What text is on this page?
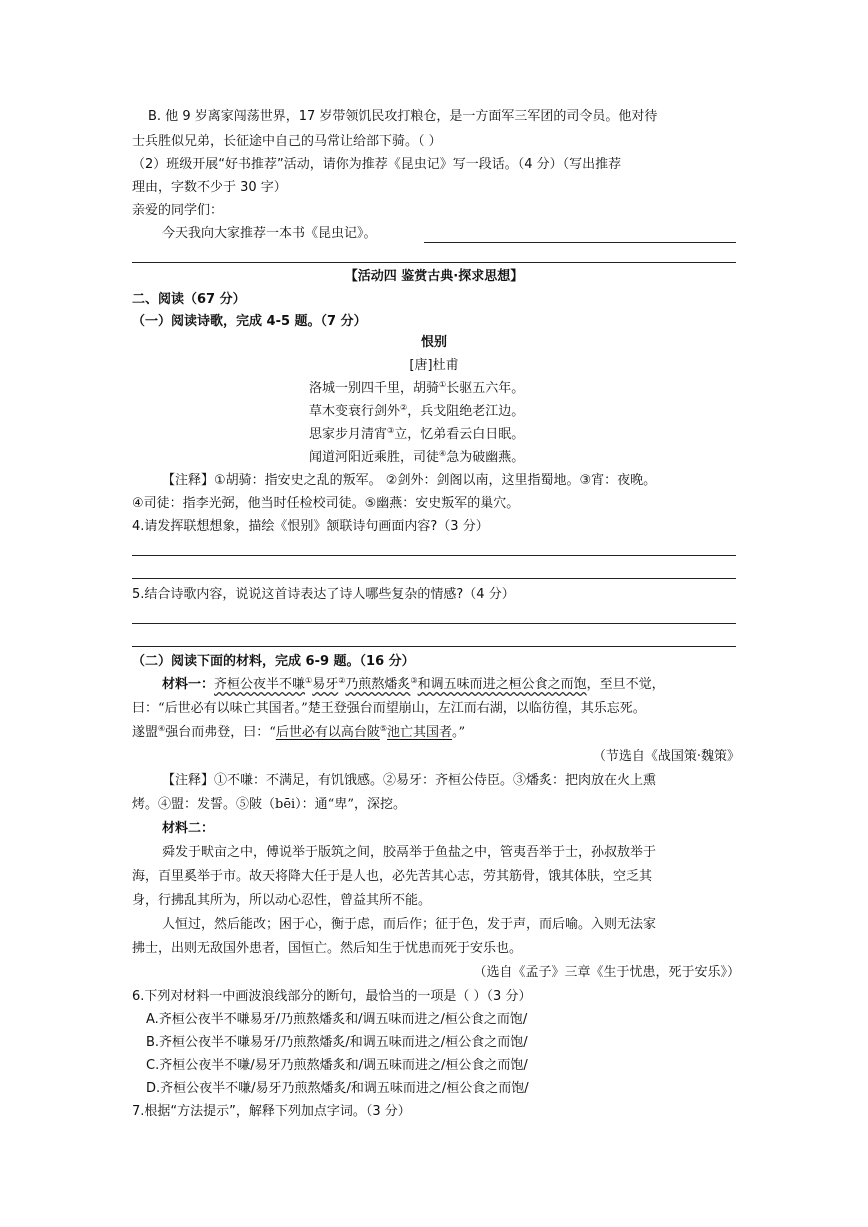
B. 他 9 岁离家闯荡世界，17 岁带领饥民攻打粮仓，是一方面军三军团的司令员。他对待
士兵胜似兄弟，长征途中自己的马常让给部下骑。（ ）
（2）班级开展“好书推荐”活动，请你为推荐《昆虫记》写一段话。（4 分）（写出推荐
理由，字数不少于 30 字）
亲爱的同学们：
今天我向大家推荐一本书《昆虫记》。
【活动四 鉴赏古典·探求思想】
二、阅读（67 分）
（一）阅读诗歌，完成 4-5 题。（7 分）
恨别
[唐]杜甫
洛城一别四千里，胡骑①长驱五六年。
草木变衰行剑外②，兵戈阻绝老江边。
思家步月清宵③立，忆弟看云白日眠。
闻道河阳近乘胜，司徒④急为破幽燕。
【注释】①胡骑：指安史之乱的叛军。 ②剑外：剑阁以南，这里指蜀地。③宵：夜晚。
④司徒：指李光弼，他当时任检校司徒。⑤幽燕：安史叛军的巢穴。
4.请发挥联想想象，描绘《恨别》颔联诗句画面内容?（3 分）
5.结合诗歌内容，说说这首诗表达了诗人哪些复杂的情感?（4 分）
（二）阅读下面的材料，完成 6-9 题。（16 分）
材料一：齐桓公夜半不嗛①易牙②乃煎熬燔炙③和调五味而进之桓公食之而饱，至旦不觉，
曰：“后世必有以味亡其国者。”楚王登强台而望崩山，左江而右湖，以临彷徨，其乐忘死。
遂盟④强台而弗登，曰：“后世必有以高台陂⑤池亡其国者。”
（节选自《战国策·魏策》
【注释】①不嗛：不满足，有饥饿感。②易牙：齐桓公侍臣。③燔炙：把肉放在火上熏
烤。④盟：发誓。⑤陂（bēi）：通“卑”，深挖。
材料二：
舜发于畎亩之中，傅说举于版筑之间，胶鬲举于鱼盐之中，管夷吾举于士，孙叔敖举于
海，百里奚举于市。故天将降大任于是人也，必先苦其心志，劳其筋骨，饿其体肤，空乏其
身，行拂乱其所为，所以动心忍性，曾益其所不能。
人恒过，然后能改；困于心，衡于虑，而后作；征于色，发于声，而后喻。入则无法家
拂士，出则无敌国外患者，国恒亡。然后知生于忧患而死于安乐也。
（选自《孟子》三章《生于忧患，死于安乐》）
6.下列对材料一中画波浪线部分的断句，最恰当的一项是（ ）（3 分）
A.齐桓公夜半不嗛易牙/乃煎熬燔炙和/调五味而进之/桓公食之而饱/
B.齐桓公夜半不嗛易牙/乃煎熬燔炙/和调五味而进之/桓公食之而饱/
C.齐桓公夜半不嗛/易牙乃煎熬燔炙和/调五味而进之/桓公食之而饱/
D.齐桓公夜半不嗛/易牙乃煎熬燔炙/和调五味而进之/桓公食之而饱/
7.根据“方法提示”，解释下列加点字词。（3 分）
